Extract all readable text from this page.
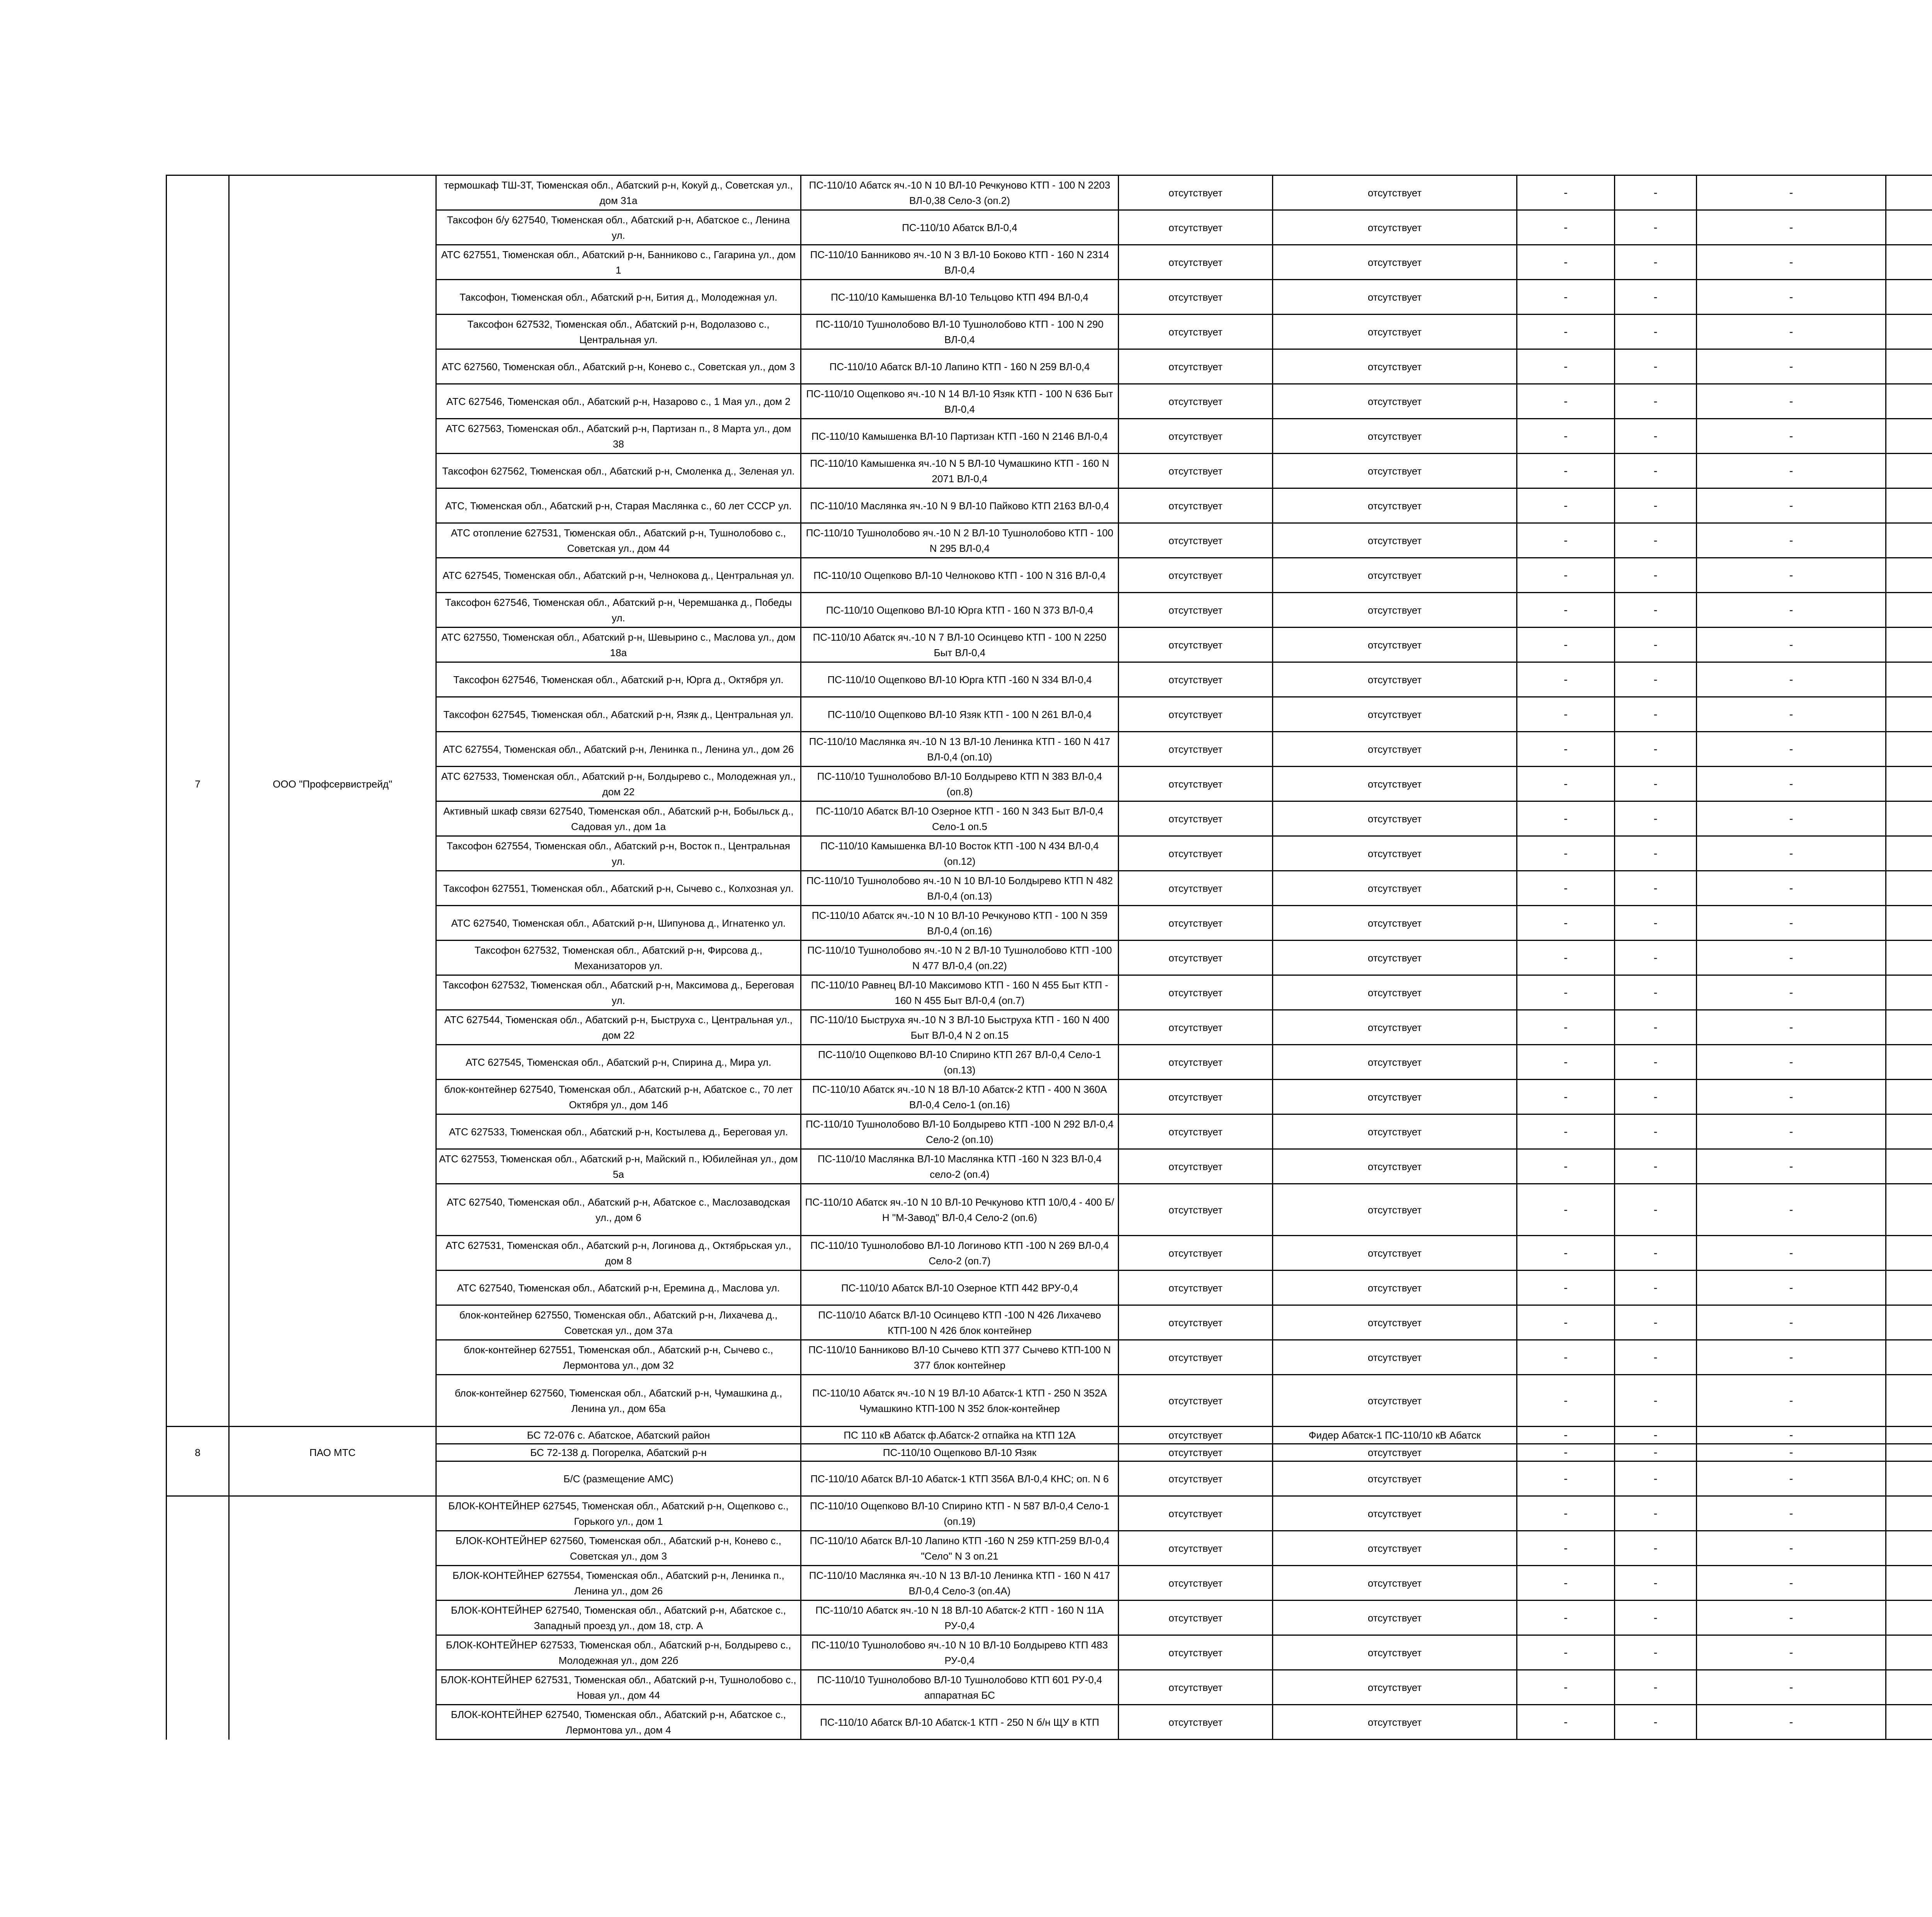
		термошкаф ТШ-3Т, Тюменская обл., Абатский р-н, Кокуй д., Советская ул., дом 31а	ПС-110/10 Абатск яч.-10 N 10 ВЛ-10 Речкуново КТП - 100 N 2203 ВЛ-0,38 Село-3 (оп.2)	отсутствует	отсутствует	-	-	-		
		Таксофон б/у 627540, Тюменская обл., Абатский р-н, Абатское с., Ленина ул.	ПС-110/10 Абатск ВЛ-0,4	отсутствует	отсутствует	-	-	-		
		АТС 627551, Тюменская обл., Абатский р-н, Банниково с., Гагарина ул., дом 1	ПС-110/10 Банниково яч.-10 N 3 ВЛ-10 Боково КТП - 160 N 2314 ВЛ-0,4	отсутствует	отсутствует	-	-	-		
		Таксофон, Тюменская обл., Абатский р-н, Бития д., Молодежная ул.	ПС-110/10 Камышенка ВЛ-10 Тельцово КТП 494 ВЛ-0,4	отсутствует	отсутствует	-	-	-		
		Таксофон 627532, Тюменская обл., Абатский р-н, Водолазово с., Центральная ул.	ПС-110/10 Тушнолобово ВЛ-10 Тушнолобово КТП - 100 N 290 ВЛ-0,4	отсутствует	отсутствует	-	-	-		
		АТС 627560, Тюменская обл., Абатский р-н, Конево с., Советская ул., дом 3	ПС-110/10 Абатск ВЛ-10 Лапино КТП - 160 N 259 ВЛ-0,4	отсутствует	отсутствует	-	-	-		
		АТС 627546, Тюменская обл., Абатский р-н, Назарово с., 1 Мая ул., дом 2	ПС-110/10 Ощепково яч.-10 N 14 ВЛ-10 Язяк КТП - 100 N 636 Быт ВЛ-0,4	отсутствует	отсутствует	-	-	-		
		АТС 627563, Тюменская обл., Абатский р-н, Партизан п., 8 Марта ул., дом 38	ПС-110/10 Камышенка ВЛ-10 Партизан КТП -160 N 2146 ВЛ-0,4	отсутствует	отсутствует	-	-	-		
		Таксофон 627562, Тюменская обл., Абатский р-н, Смоленка д., Зеленая ул.	ПС-110/10 Камышенка яч.-10 N 5 ВЛ-10 Чумашкино КТП - 160 N 2071 ВЛ-0,4	отсутствует	отсутствует	-	-	-		
		АТС, Тюменская обл., Абатский р-н, Старая Маслянка с., 60 лет СССР ул.	ПС-110/10 Маслянка яч.-10 N 9 ВЛ-10 Пайково КТП 2163 ВЛ-0,4	отсутствует	отсутствует	-	-	-		
		АТС отопление 627531, Тюменская обл., Абатский р-н, Тушнолобово с., Советская ул., дом 44	ПС-110/10 Тушнолобово яч.-10 N 2 ВЛ-10 Тушнолобово КТП - 100 N 295 ВЛ-0,4	отсутствует	отсутствует	-	-	-		
		АТС 627545, Тюменская обл., Абатский р-н, Челнокова д., Центральная ул.	ПС-110/10 Ощепково ВЛ-10 Челноково КТП - 100 N 316 ВЛ-0,4	отсутствует	отсутствует	-	-	-		
		Таксофон 627546, Тюменская обл., Абатский р-н, Черемшанка д., Победы ул.	ПС-110/10 Ощепково ВЛ-10 Юрга КТП - 160 N 373 ВЛ-0,4	отсутствует	отсутствует	-	-	-		
		АТС 627550, Тюменская обл., Абатский р-н, Шевырино с., Маслова ул., дом 18а	ПС-110/10 Абатск яч.-10 N 7 ВЛ-10 Осинцево КТП - 100 N 2250 Быт ВЛ-0,4	отсутствует	отсутствует	-	-	-		
		Таксофон 627546, Тюменская обл., Абатский р-н, Юрга д., Октября ул.	ПС-110/10 Ощепково ВЛ-10 Юрга КТП -160 N 334 ВЛ-0,4	отсутствует	отсутствует	-	-	-		
		Таксофон 627545, Тюменская обл., Абатский р-н, Язяк д., Центральная ул.	ПС-110/10 Ощепково ВЛ-10 Язяк КТП - 100 N 261 ВЛ-0,4	отсутствует	отсутствует	-	-	-		
		АТС 627554, Тюменская обл., Абатский р-н, Ленинка п., Ленина ул., дом 26	ПС-110/10 Маслянка яч.-10 N 13 ВЛ-10 Ленинка КТП - 160 N 417 ВЛ-0,4 (оп.10)	отсутствует	отсутствует	-	-	-		
7	ООО "Профсервистрейд"	АТС 627533, Тюменская обл., Абатский р-н, Болдырево с., Молодежная ул., дом 22	ПС-110/10 Тушнолобово ВЛ-10 Болдырево КТП N 383 ВЛ-0,4 (оп.8)	отсутствует	отсутствует	-	-	-		
		Активный шкаф связи 627540, Тюменская обл., Абатский р-н, Бобыльск д., Садовая ул., дом 1а	ПС-110/10 Абатск ВЛ-10 Озерное КТП - 160 N 343 Быт ВЛ-0,4 Село-1 оп.5	отсутствует	отсутствует	-	-	-		
		Таксофон 627554, Тюменская обл., Абатский р-н, Восток п., Центральная ул.	ПС-110/10 Камышенка ВЛ-10 Восток КТП -100 N 434 ВЛ-0,4 (оп.12)	отсутствует	отсутствует	-	-	-		
		Таксофон 627551, Тюменская обл., Абатский р-н, Сычево с., Колхозная ул.	ПС-110/10 Тушнолобово яч.-10 N 10 ВЛ-10 Болдырево КТП N 482 ВЛ-0,4 (оп.13)	отсутствует	отсутствует	-	-	-		
		АТС 627540, Тюменская обл., Абатский р-н, Шипунова д., Игнатенко ул.	ПС-110/10 Абатск яч.-10 N 10 ВЛ-10 Речкуново КТП - 100 N 359 ВЛ-0,4 (оп.16)	отсутствует	отсутствует	-	-	-		
		Таксофон 627532, Тюменская обл., Абатский р-н, Фирсова д., Механизаторов ул.	ПС-110/10 Тушнолобово яч.-10 N 2 ВЛ-10 Тушнолобово КТП -100 N 477 ВЛ-0,4 (оп.22)	отсутствует	отсутствует	-	-	-		
		Таксофон 627532, Тюменская обл., Абатский р-н, Максимова д., Береговая ул.	ПС-110/10 Равнец ВЛ-10 Максимово КТП - 160 N 455 Быт КТП - 160 N 455 Быт ВЛ-0,4 (оп.7)	отсутствует	отсутствует	-	-	-		
		АТС 627544, Тюменская обл., Абатский р-н, Быструха с., Центральная ул., дом 22	ПС-110/10 Быструха яч.-10 N 3 ВЛ-10 Быструха КТП - 160 N 400 Быт ВЛ-0,4 N 2 оп.15	отсутствует	отсутствует	-	-	-		
		АТС 627545, Тюменская обл., Абатский р-н, Спирина д., Мира ул.	ПС-110/10 Ощепково ВЛ-10 Спирино КТП 267 ВЛ-0,4 Село-1 (оп.13)	отсутствует	отсутствует	-	-	-		
		блок-контейнер 627540, Тюменская обл., Абатский р-н, Абатское с., 70 лет Октября ул., дом 14б	ПС-110/10 Абатск яч.-10 N 18 ВЛ-10 Абатск-2 КТП - 400 N 360А ВЛ-0,4 Село-1 (оп.16)	отсутствует	отсутствует	-	-	-		
		АТС 627533, Тюменская обл., Абатский р-н, Костылева д., Береговая ул.	ПС-110/10 Тушнолобово ВЛ-10 Болдырево КТП -100 N 292 ВЛ-0,4 Село-2 (оп.10)	отсутствует	отсутствует	-	-	-		
		АТС 627553, Тюменская обл., Абатский р-н, Майский п., Юбилейная ул., дом 5а	ПС-110/10 Маслянка ВЛ-10 Маслянка КТП -160 N 323 ВЛ-0,4 село-2 (оп.4)	отсутствует	отсутствует	-	-	-		
		АТС 627540, Тюменская обл., Абатский р-н, Абатское с., Маслозаводская ул., дом 6	ПС-110/10 Абатск яч.-10 N 10 ВЛ-10 Речкуново КТП 10/0,4 - 400 Б/Н "М-Завод" ВЛ-0,4 Село-2 (оп.6)	отсутствует	отсутствует	-	-	-		
		АТС 627531, Тюменская обл., Абатский р-н, Логинова д., Октябрьская ул., дом 8	ПС-110/10 Тушнолобово ВЛ-10 Логиново КТП -100 N 269 ВЛ-0,4 Село-2 (оп.7)	отсутствует	отсутствует	-	-	-		
		АТС 627540, Тюменская обл., Абатский р-н, Еремина д., Маслова ул.	ПС-110/10 Абатск ВЛ-10 Озерное КТП 442 ВРУ-0,4	отсутствует	отсутствует	-	-	-		
		блок-контейнер 627550, Тюменская обл., Абатский р-н, Лихачева д., Советская ул., дом 37а	ПС-110/10 Абатск ВЛ-10 Осинцево КТП -100 N 426 Лихачево КТП-100 N 426 блок контейнер	отсутствует	отсутствует	-	-	-		
		блок-контейнер 627551, Тюменская обл., Абатский р-н, Сычево с., Лермонтова ул., дом 32	ПС-110/10 Банниково ВЛ-10 Сычево КТП 377 Сычево КТП-100 N 377 блок контейнер	отсутствует	отсутствует	-	-	-		
		блок-контейнер 627560, Тюменская обл., Абатский р-н, Чумашкина д., Ленина ул., дом 65а	ПС-110/10 Абатск яч.-10 N 19 ВЛ-10 Абатск-1 КТП - 250 N 352А Чумашкино КТП-100 N 352 блок-контейнер	отсутствует	отсутствует	-	-	-		
		БС 72-076 с. Абатское, Абатский район	ПС 110 кВ Абатск ф.Абатск-2 отпайка на КТП 12А	отсутствует	Фидер Абатск-1 ПС-110/10 кВ Абатск	-	-	-		
8	ПАО МТС	БС 72-138 д. Погорелка, Абатский р-н	ПС-110/10 Ощепково ВЛ-10 Язяк	отсутствует	отсутствует	-	-	-		
		Б/С (размещение АМС)	ПС-110/10 Абатск ВЛ-10 Абатск-1 КТП 356А ВЛ-0,4 КНС; оп. N 6	отсутствует	отсутствует	-	-	-		
		БЛОК-КОНТЕЙНЕР 627545, Тюменская обл., Абатский р-н, Ощепково с., Горького ул., дом 1	ПС-110/10 Ощепково ВЛ-10 Спирино КТП - N 587 ВЛ-0,4 Село-1 (оп.19)	отсутствует	отсутствует	-	-	-		
		БЛОК-КОНТЕЙНЕР 627560, Тюменская обл., Абатский р-н, Конево с., Советская ул., дом 3	ПС-110/10 Абатск ВЛ-10 Лапино КТП -160 N 259 КТП-259 ВЛ-0,4 "Село" N 3 оп.21	отсутствует	отсутствует	-	-	-		
		БЛОК-КОНТЕЙНЕР 627554, Тюменская обл., Абатский р-н, Ленинка п., Ленина ул., дом 26	ПС-110/10 Маслянка яч.-10 N 13 ВЛ-10 Ленинка КТП - 160 N 417 ВЛ-0,4 Село-3 (оп.4А)	отсутствует	отсутствует	-	-	-		
		БЛОК-КОНТЕЙНЕР 627540, Тюменская обл., Абатский р-н, Абатское с., Западный проезд ул., дом 18, стр. А	ПС-110/10 Абатск яч.-10 N 18 ВЛ-10 Абатск-2 КТП - 160 N 11А РУ-0,4	отсутствует	отсутствует	-	-	-		
		БЛОК-КОНТЕЙНЕР 627533, Тюменская обл., Абатский р-н, Болдырево с., Молодежная ул., дом 22б	ПС-110/10 Тушнолобово яч.-10 N 10 ВЛ-10 Болдырево КТП 483 РУ-0,4	отсутствует	отсутствует	-	-	-		
		БЛОК-КОНТЕЙНЕР 627531, Тюменская обл., Абатский р-н, Тушнолобово с., Новая ул., дом 44	ПС-110/10 Тушнолобово ВЛ-10 Тушнолобово КТП 601 РУ-0,4 аппаратная БС	отсутствует	отсутствует	-	-	-		
		БЛОК-КОНТЕЙНЕР 627540, Тюменская обл., Абатский р-н, Абатское с., Лермонтова ул., дом 4	ПС-110/10 Абатск ВЛ-10 Абатск-1 КТП - 250 N б/н ЩУ в КТП	отсутствует	отсутствует	-	-	-		
